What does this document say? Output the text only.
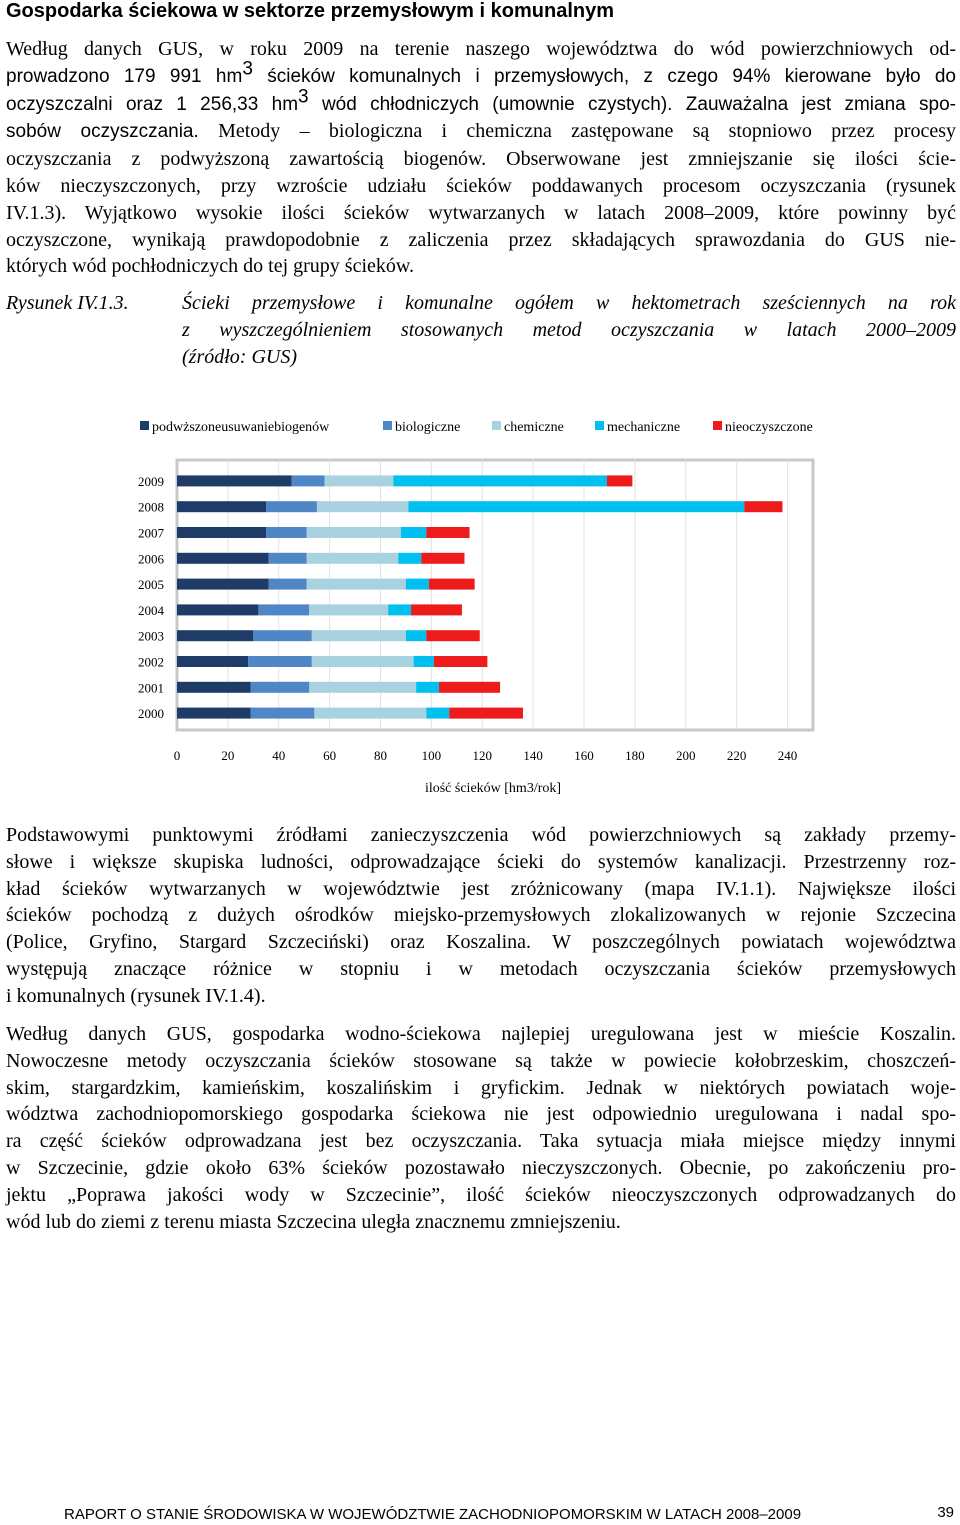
Gospodarka ściekowa w sektorze przemysłowym i komunalnym
Według danych GUS, w roku 2009 na terenie naszego województwa do wód powierzchniowych od-
prowadzono 179 991 $hm^3$ ścieków komunalnych i przemysłowych, z czego 94% kierowane było do
oczyszczalni oraz 1 256,33 $hm^3$ wód chłodniczych (umownie czystych). Zauważalna jest zmiana spo-
sobów oczyszczania. Metody – biologiczna i chemiczna zastępowane są stopniowo przez procesy
oczyszczania z podwyższoną zawartością biogenów. Obserwowane jest zmniejszanie się ilości ście-
ków nieczyszczonych, przy wzroście udziału ścieków poddawanych procesom oczyszczania (rysunek
IV.1.3). Wyjątkowo wysokie ilości ścieków wytwarzanych w latach 2008–2009, które powinny być
oczyszczone, wynikają prawdopodobnie z zaliczenia przez składających sprawozdania do GUS nie-
których wód pochłodniczych do tej grupy ścieków.

Rysunek IV.1.3.	Ścieki przemysłowe i komunalne ogółem w hektometrach sześciennych na rok
z wyszczególnieniem stosowanych metod oczyszczania w latach 2000–2009
(źródło: GUS)
podwższoneusuwaniebiogenów	biologiczne	chemiczne	mechaniczne	nieoczyszczone
2009
2008
2007
2006
2005
2004
2003
2002
2001
2000
0	20	40	60	80	100 120 140 160 180 200 220 240
ilość ścieków [hm3/rok]
Podstawowymi punktowymi źródłami zanieczyszczenia wód powierzchniowych są zakłady przemy-
słowe i większe skupiska ludności, odprowadzające ścieki do systemów kanalizacji. Przestrzenny roz-
kład ścieków wytwarzanych w województwie jest zróżnicowany (mapa IV.1.1). Największe ilości
ścieków pochodzą z dużych ośrodków miejsko-przemysłowych zlokalizowanych w rejonie Szczecina
(Police, Gryfino, Stargard Szczeciński) oraz Koszalina. W poszczególnych powiatach województwa
występują znaczące różnice w stopniu i w metodach oczyszczania ścieków przemysłowych
i komunalnych (rysunek IV.1.4).
Według danych GUS, gospodarka wodno-ściekowa najlepiej uregulowana jest w mieście Koszalin.
Nowoczesne metody oczyszczania ścieków stosowane są także w powiecie kołobrzeskim, choszczeń-
skim, stargardzkim, kamieńskim, koszalińskim i gryfickim. Jednak w niektórych powiatach woje-
wództwa zachodniopomorskiego gospodarka ściekowa nie jest odpowiednio uregulowana i nadal spo-
ra część ścieków odprowadzana jest bez oczyszczania. Taka sytuacja miała miejsce między innymi
w Szczecinie, gdzie około 63% ścieków pozostawało nieczyszczonych. Obecnie, po zakończeniu pro-
jektu „Poprawa jakości wody w Szczecinie”, ilość ścieków nieoczyszczonych odprowadzanych do
wód lub do ziemi z terenu miasta Szczecina uległa znacznemu zmniejszeniu.

RAPORT O STANIE ŚRODOWISKA W WOJEWÓDZTWIE ZACHODNIOPOMORSKIM W LATACH 2008–2009	39
